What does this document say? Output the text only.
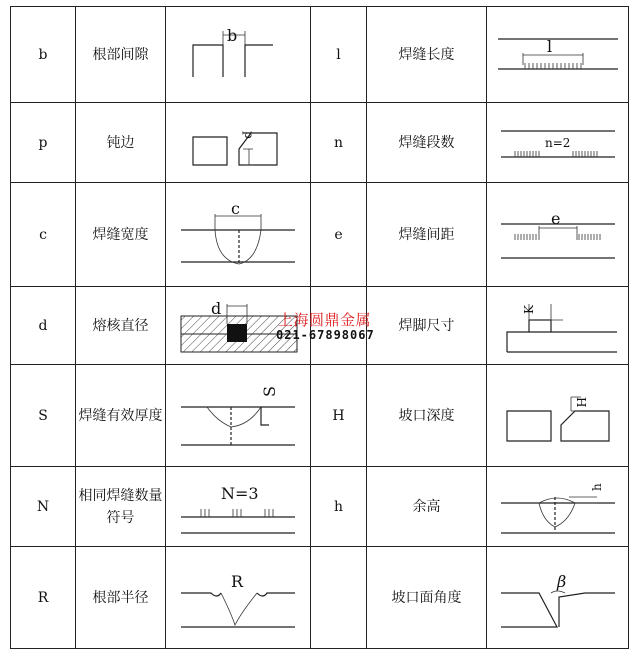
b	根部间隙	b	l	焊缝长度	l

p	钝边	p	n	焊缝段数	n=2

c	焊缝宽度	c	e	焊缝间距	e

d	熔核直径	d		焊脚尺寸	K

S	焊缝有效厚度	S	H	坡口深度	H

N	相同焊缝数量符号	N=3	h	余高	h

R	根部半径	R		坡口面角度	β
上海圆鼎金属
021-67898067
